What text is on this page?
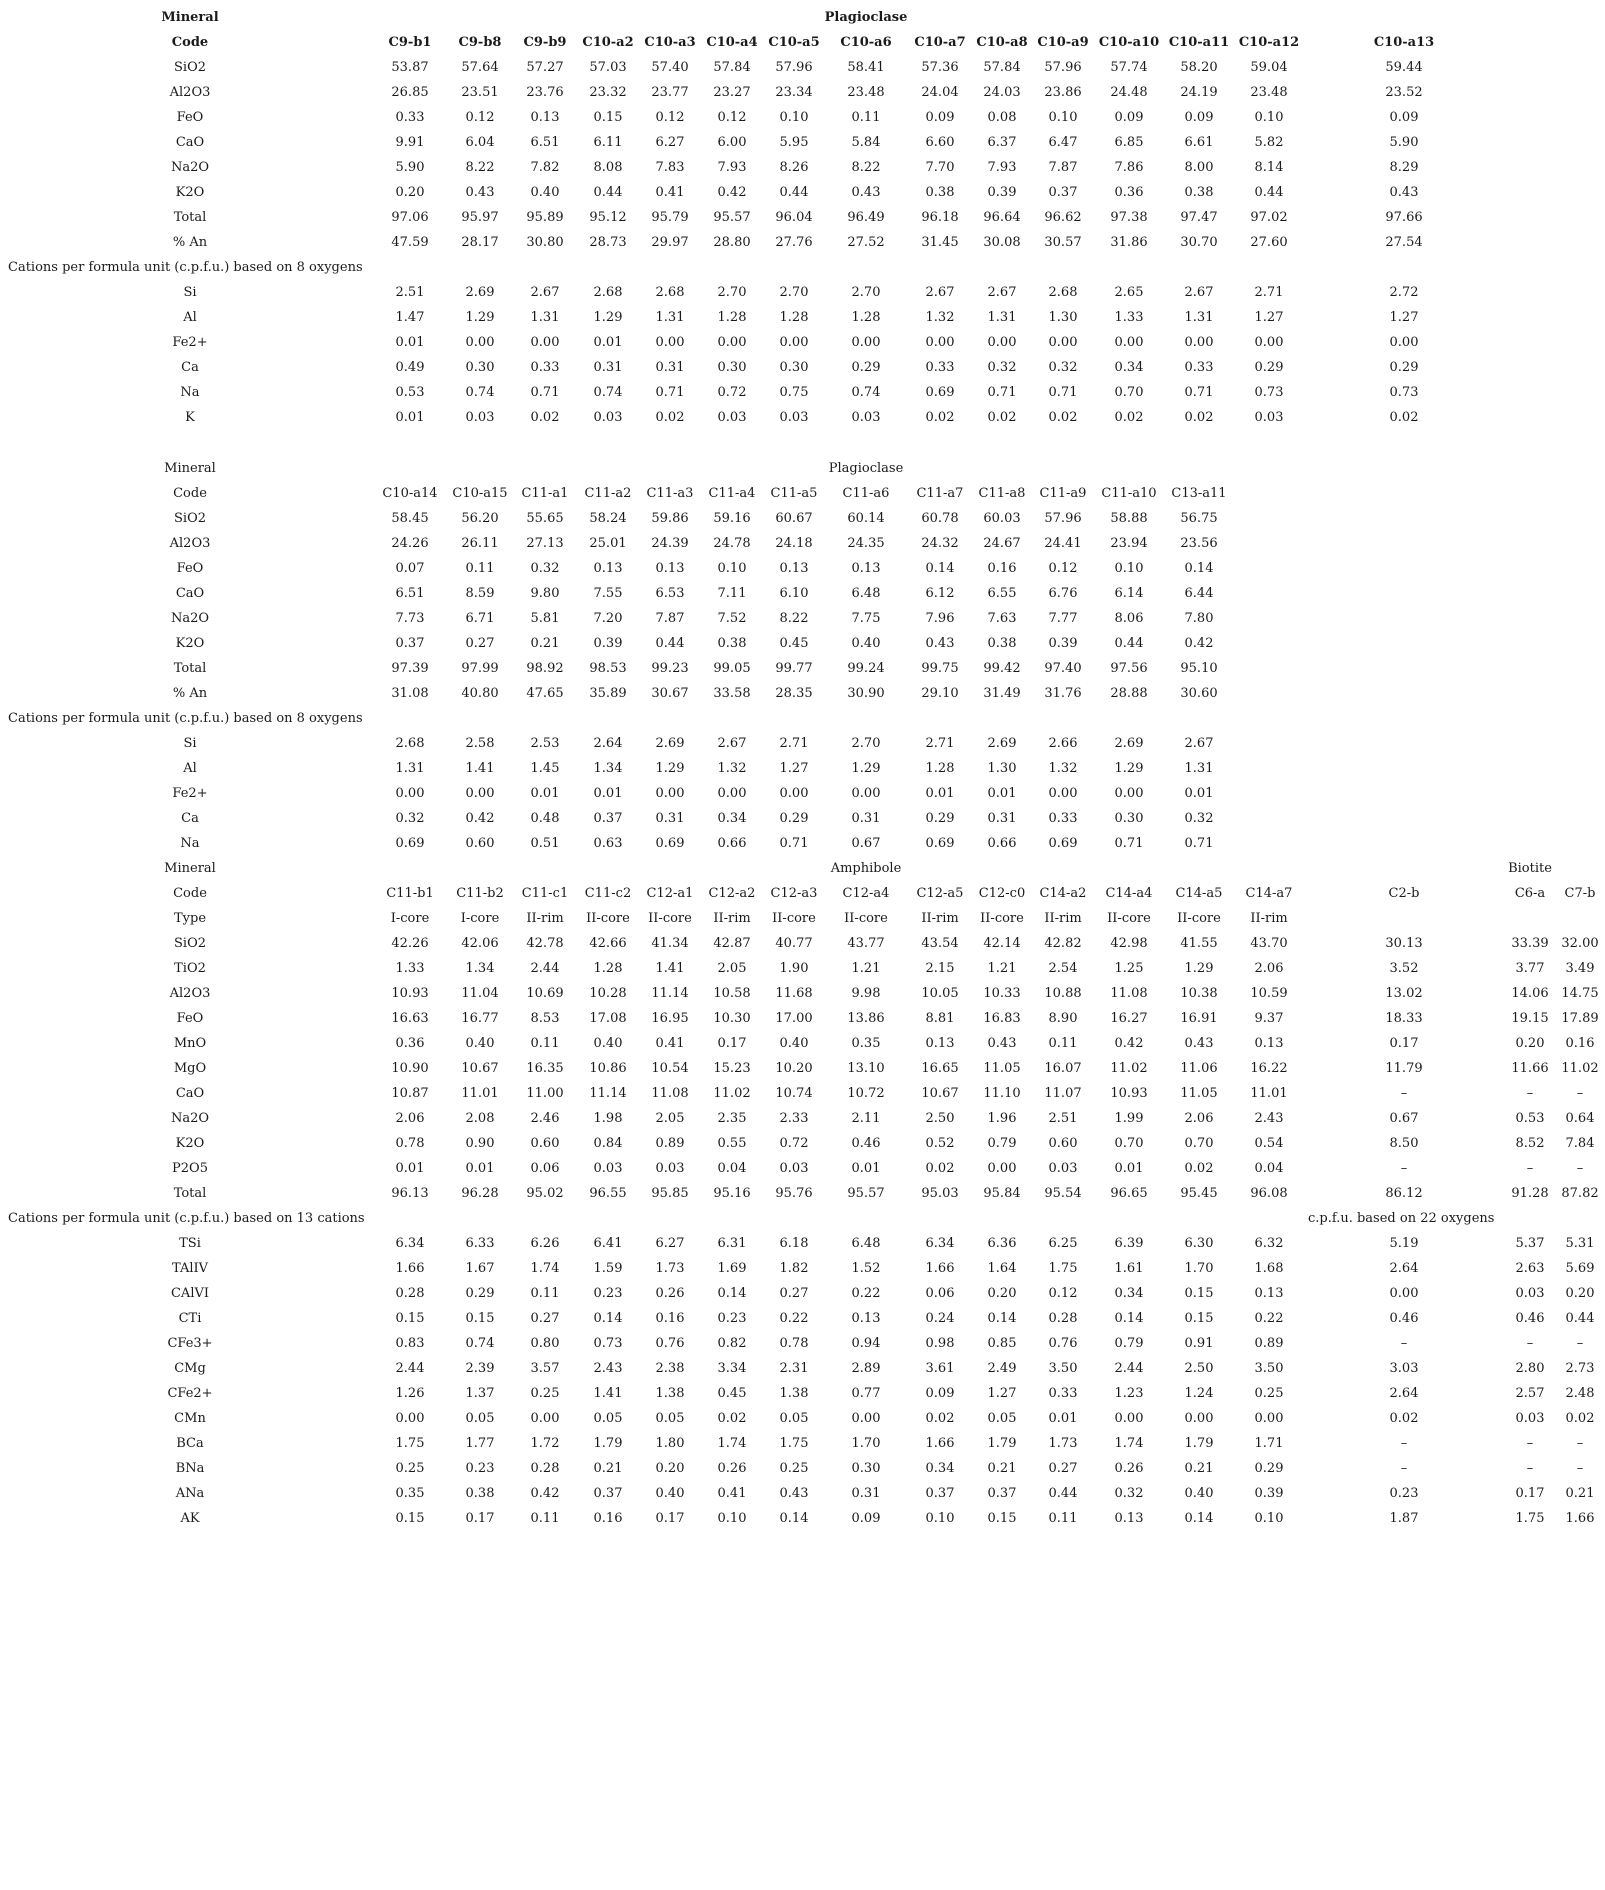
Mineral	Plagioclase
Code	C9-b1 C9-b8 C9-b9 C10-a2 C10-a3 C10-a4 C10-a5 C10-a6 C10-a7 C10-a8 C10-a9 C10-a10 C10-a11 C10-a12	C10-a13
SiO2	53.87	57.64 57.27 57.03 57.40 57.84 57.96	58.41	57.36 57.84 57.96 57.74	58.20	59.04	59.44
Al2O3	26.85	23.51 23.76 23.32 23.77 23.27 23.34	23.48	24.04 24.03 23.86 24.48	24.19	23.48	23.52
FeO	0.33	0.12	0.13	0.15	0.12	0.12	0.10	0.11	0.09	0.08 0.10	0.09	0.09	0.10	0.09
CaO	9.91	6.04	6.51	6.11	6.27	6.00	5.95	5.84	6.60	6.37 6.47	6.85	6.61	5.82	5.90
Na2O	5.90	8.22	7.82	8.08	7.83	7.93	8.26	8.22	7.70	7.93 7.87	7.86	8.00	8.14	8.29
K2O	0.20	0.43	0.40	0.44	0.41	0.42	0.44	0.43	0.38	0.39 0.37	0.36	0.38	0.44	0.43
Total	97.06	95.97 95.89 95.12 95.79 95.57 96.04	96.49	96.18 96.64 96.62 97.38	97.47	97.02	97.66
% An	47.59	28.17 30.80 28.73 29.97 28.80 27.76	27.52	31.45 30.08 30.57 31.86	30.70	27.60	27.54
Cations per formula unit (c.p.f.u.) based on 8 oxygens
Si	2.51	2.69	2.67	2.68	2.68	2.70	2.70	2.70	2.67	2.67 2.68	2.65	2.67	2.71	2.72
Al	1.47	1.29	1.31	1.29	1.31	1.28	1.28	1.28	1.32	1.31 1.30	1.33	1.31	1.27	1.27
Fe2+	0.01	0.00	0.00	0.01	0.00	0.00	0.00	0.00	0.00	0.00 0.00	0.00	0.00	0.00	0.00
Ca	0.49	0.30	0.33	0.31	0.31	0.30	0.30	0.29	0.33	0.32 0.32	0.34	0.33	0.29	0.29
Na	0.53	0.74	0.71	0.74	0.71	0.72	0.75	0.74	0.69	0.71 0.71	0.70	0.71	0.73	0.73
K	0.01	0.03	0.02	0.03	0.02	0.03	0.03	0.03	0.02	0.02 0.02	0.02	0.02	0.03	0.02
Mineral	Plagioclase
Code	C10-a14 C10-a15 C11-a1 C11-a2 C11-a3 C11-a4 C11-a5 C11-a6 C11-a7 C11-a8 C11-a9 C11-a10 C13-a11
SiO2	58.45	56.20 55.65 58.24 59.86 59.16 60.67	60.14	60.78 60.03 57.96 58.88	56.75
Al2O3	24.26	26.11 27.13 25.01 24.39 24.78 24.18	24.35	24.32 24.67 24.41 23.94	23.56
FeO	0.07	0.11	0.32	0.13	0.13	0.10	0.13	0.13	0.14	0.16 0.12	0.10	0.14
CaO	6.51	8.59	9.80	7.55	6.53	7.11	6.10	6.48	6.12	6.55 6.76	6.14	6.44
Na2O	7.73	6.71	5.81	7.20	7.87	7.52	8.22	7.75	7.96	7.63 7.77	8.06	7.80
K2O	0.37	0.27	0.21	0.39	0.44	0.38	0.45	0.40	0.43	0.38 0.39	0.44	0.42
Total	97.39	97.99 98.92 98.53 99.23 99.05 99.77	99.24	99.75 99.42 97.40 97.56	95.10
% An	31.08	40.80 47.65 35.89 30.67 33.58 28.35	30.90	29.10 31.49 31.76 28.88	30.60
Cations per formula unit (c.p.f.u.) based on 8 oxygens
Si	2.68	2.58	2.53	2.64	2.69	2.67	2.71	2.70	2.71	2.69 2.66	2.69	2.67
Al	1.31	1.41	1.45	1.34	1.29	1.32	1.27	1.29	1.28	1.30 1.32	1.29	1.31
Fe2+	0.00	0.00	0.01	0.01	0.00	0.00	0.00	0.00	0.01	0.01 0.00	0.00	0.01
Ca	0.32	0.42	0.48	0.37	0.31	0.34	0.29	0.31	0.29	0.31 0.33	0.30	0.32
Na	0.69	0.60	0.51	0.63	0.69	0.66	0.71	0.67	0.69	0.66 0.69	0.71	0.71
Mineral	Amphibole	Biotite
Code	C11-b1 C11-b2 C11-c1 C11-c2 C12-a1 C12-a2 C12-a3 C12-a4 C12-a5 C12-c0 C14-a2 C14-a4 C14-a5 C14-a7	C2-b	C6-a C7-b
Type	I-core I-core II-rim II-core II-core II-rim II-core II-core	II-rim II-core II-rim II-core II-core II-rim
SiO2	42.26	42.06 42.78 42.66 41.34 42.87 40.77	43.77	43.54 42.14 42.82 42.98	41.55	43.70	30.13	33.39 32.00
TiO2	1.33	1.34	2.44	1.28	1.41	2.05	1.90	1.21	2.15	1.21 2.54	1.25	1.29	2.06	3.52	3.77 3.49
Al2O3	10.93	11.04 10.69 10.28 11.14 10.58 11.68	9.98	10.05 10.33 10.88 11.08	10.38	10.59	13.02	14.06 14.75
FeO	16.63	16.77 8.53 17.08 16.95 10.30 17.00	13.86	8.81 16.83 8.90	16.27	16.91	9.37	18.33	19.15 17.89
MnO	0.36	0.40	0.11	0.40	0.41	0.17	0.40	0.35	0.13	0.43 0.11	0.42	0.43	0.13	0.17	0.20 0.16
MgO	10.90	10.67 16.35 10.86 10.54 15.23 10.20	13.10	16.65 11.05 16.07 11.02	11.06	16.22	11.79	11.66 11.02
CaO	10.87	11.01 11.00 11.14 11.08 11.02 10.74	10.72	10.67 11.10 11.07 10.93	11.05	11.01	–	–	–
Na2O	2.06	2.08	2.46	1.98	2.05	2.35	2.33	2.11	2.50	1.96 2.51	1.99	2.06	2.43	0.67	0.53 0.64
K2O	0.78	0.90	0.60	0.84	0.89	0.55	0.72	0.46	0.52	0.79 0.60	0.70	0.70	0.54	8.50	8.52 7.84
P2O5	0.01	0.01	0.06	0.03	0.03	0.04	0.03	0.01	0.02	0.00 0.03	0.01	0.02	0.04	–	–	–
Total	96.13	96.28 95.02 96.55 95.85 95.16 95.76	95.57	95.03 95.84 95.54 96.65	95.45	96.08	86.12	91.28 87.82
Cations per formula unit (c.p.f.u.) based on 13 cations	c.p.f.u. based on 22 oxygens
TSi	6.34	6.33	6.26	6.41	6.27	6.31	6.18	6.48	6.34	6.36 6.25	6.39	6.30	6.32	5.19	5.37 5.31
TAlIV	1.66	1.67	1.74	1.59	1.73	1.69	1.82	1.52	1.66	1.64 1.75	1.61	1.70	1.68	2.64	2.63 5.69
CAlVI	0.28	0.29	0.11	0.23	0.26	0.14	0.27	0.22	0.06	0.20 0.12	0.34	0.15	0.13	0.00	0.03 0.20
CTi	0.15	0.15	0.27	0.14	0.16	0.23	0.22	0.13	0.24	0.14 0.28	0.14	0.15	0.22	0.46	0.46 0.44
CFe3+	0.83	0.74	0.80	0.73	0.76	0.82	0.78	0.94	0.98	0.85 0.76	0.79	0.91	0.89	–	–	–
CMg	2.44	2.39	3.57	2.43	2.38	3.34	2.31	2.89	3.61	2.49 3.50	2.44	2.50	3.50	3.03	2.80 2.73
CFe2+	1.26	1.37	0.25	1.41	1.38	0.45	1.38	0.77	0.09	1.27 0.33	1.23	1.24	0.25	2.64	2.57 2.48
CMn	0.00	0.05	0.00	0.05	0.05	0.02	0.05	0.00	0.02	0.05 0.01	0.00	0.00	0.00	0.02	0.03 0.02
BCa	1.75	1.77	1.72	1.79	1.80	1.74	1.75	1.70	1.66	1.79 1.73	1.74	1.79	1.71	–	–	–
BNa	0.25	0.23	0.28	0.21	0.20	0.26	0.25	0.30	0.34	0.21 0.27	0.26	0.21	0.29	–	–	–
ANa	0.35	0.38	0.42	0.37	0.40	0.41	0.43	0.31	0.37	0.37 0.44	0.32	0.40	0.39	0.23	0.17 0.21
AK	0.15	0.17	0.11	0.16	0.17	0.10	0.14	0.09	0.10	0.15 0.11	0.13	0.14	0.10	1.87	1.75 1.66
